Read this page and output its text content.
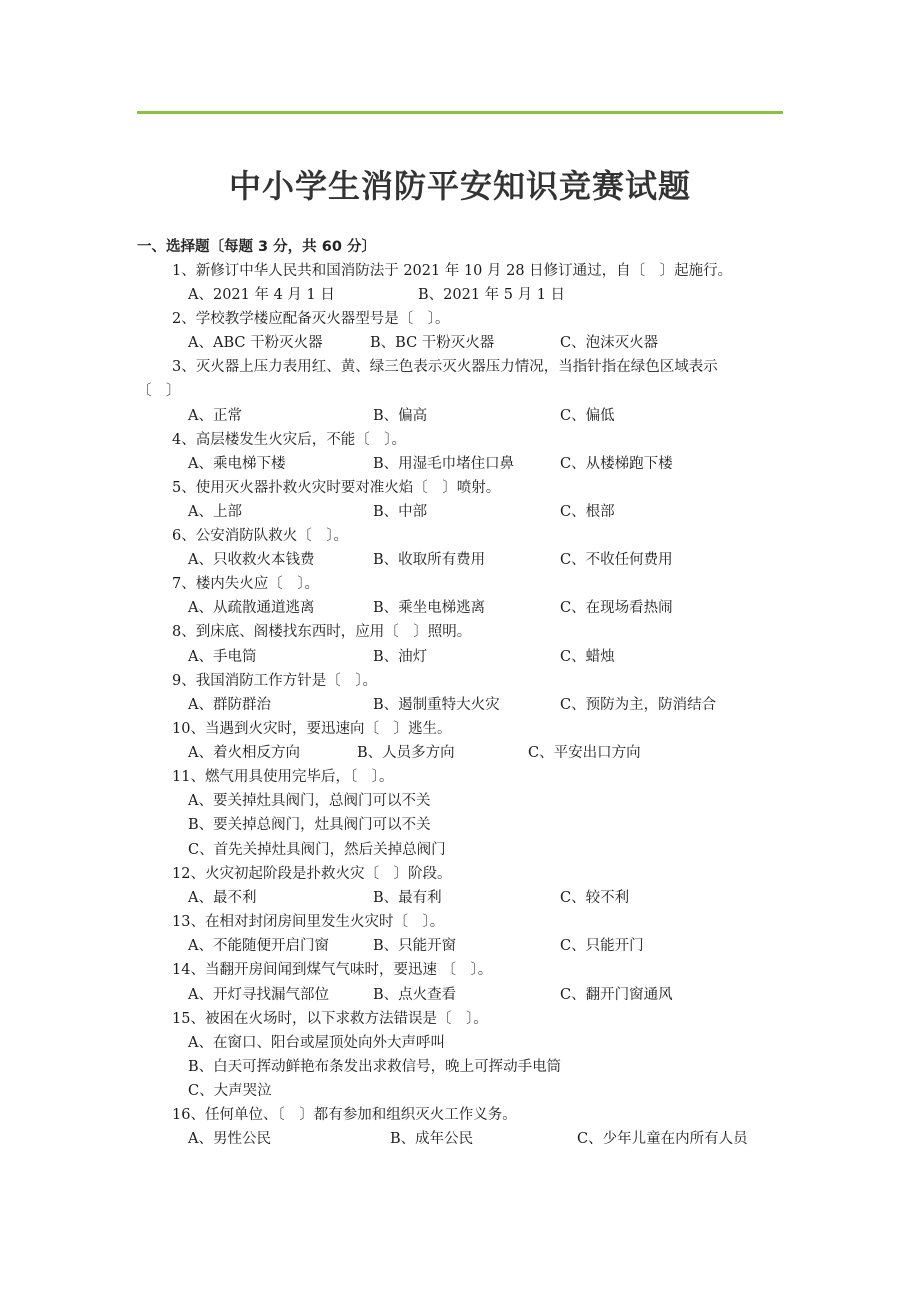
中小学生消防平安知识竞赛试题
一、选择题〔每题 3 分，共 60 分〕
1、新修订中华人民共和国消防法于 2021 年 10 月 28 日修订通过，自〔　〕起施行。
A、2021 年 4 月 1 日	B、2021 年 5 月 1 日
2、学校教学楼应配备灭火器型号是〔　〕。
A、ABC 干粉灭火器	B、BC 干粉灭火器	C、泡沫灭火器
3、灭火器上压力表用红、黄、绿三色表示灭火器压力情况，当指针指在绿色区域表示
〔　〕
A、正常	B、偏高	C、偏低
4、高层楼发生火灾后，不能〔　〕。
A、乘电梯下楼	B、用湿毛巾堵住口鼻	C、从楼梯跑下楼
5、使用灭火器扑救火灾时要对准火焰〔　〕喷射。
A、上部	B、中部	C、根部
6、公安消防队救火〔　〕。
A、只收救火本钱费	B、收取所有费用	C、不收任何费用
7、楼内失火应〔　〕。
A、从疏散通道逃离	B、乘坐电梯逃离	C、在现场看热闹
8、到床底、阁楼找东西时，应用〔　〕照明。
A、手电筒	B、油灯	C、蜡烛
9、我国消防工作方针是〔　〕。
A、群防群治	B、遏制重特大火灾	C、预防为主，防消结合
10、当遇到火灾时，要迅速向〔　〕逃生。
A、着火相反方向	B、人员多方向	C、平安出口方向
11、燃气用具使用完毕后，〔　〕。
A、要关掉灶具阀门，总阀门可以不关
B、要关掉总阀门，灶具阀门可以不关
C、首先关掉灶具阀门，然后关掉总阀门
12、火灾初起阶段是扑救火灾〔　〕阶段。
A、最不利	B、最有利	C、较不利
13、在相对封闭房间里发生火灾时〔　〕。
A、不能随便开启门窗	B、只能开窗	C、只能开门
14、当翻开房间闻到煤气气味时，要迅速 〔　〕。
A、开灯寻找漏气部位	B、点火查看	C、翻开门窗通风
15、被困在火场时，以下求救方法错误是〔　〕。
A、在窗口、阳台或屋顶处向外大声呼叫
B、白天可挥动鲜艳布条发出求救信号，晚上可挥动手电筒
C、大声哭泣
16、任何单位、〔　〕都有参加和组织灭火工作义务。
A、男性公民	B、成年公民	C、少年儿童在内所有人员
